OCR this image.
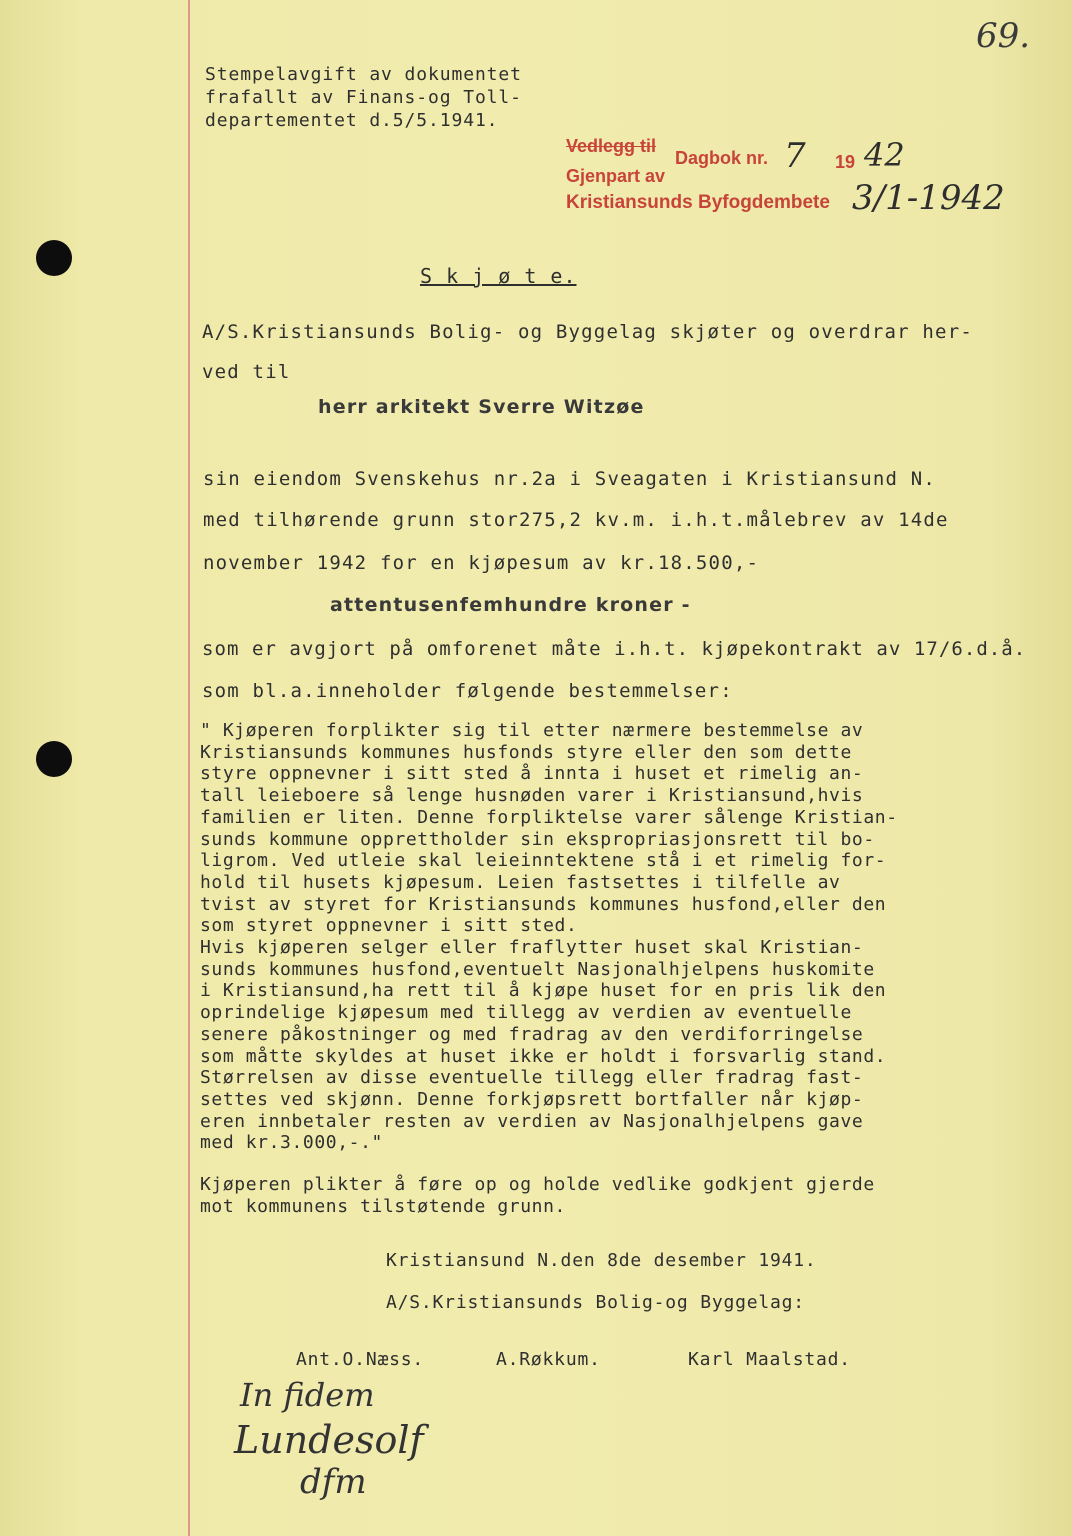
69.
Stempelavgift av dokumentet
frafallt av Finans-og Toll-
departementet d.5/5.1941.
Vedlegg til
Dagbok nr. 7 19 42
Gjenpart av
Kristiansunds Byfogdembete 3/1-1942
S k j ø t e.
A/S.Kristiansunds Bolig- og Byggelag skjøter og overdrar her-
ved til
herr arkitekt Sverre Witzøe
sin eiendom Svenskehus nr.2a i Sveagaten i Kristiansund N.
med tilhørende grunn stor275,2 kv.m. i.h.t.målebrev av 14de
november 1942 for en kjøpesum av kr.18.500,-
attentusenfemhundre kroner -
som er avgjort på omforenet måte i.h.t. kjøpekontrakt av 17/6.d.å.
som bl.a.inneholder følgende bestemmelser:
" Kjøperen forplikter sig til etter nærmere bestemmelse av
Kristiansunds kommunes husfonds styre eller den som dette
styre oppnevner i sitt sted å innta i huset et rimelig an-
tall leieboere så lenge husnøden varer i Kristiansund,hvis
familien er liten. Denne forpliktelse varer sålenge Kristian-
sunds kommune opprettholder sin ekspropriasjonsrett til bo-
ligrom. Ved utleie skal leieinntektene stå i et rimelig for-
hold til husets kjøpesum. Leien fastsettes i tilfelle av
tvist av styret for Kristiansunds kommunes husfond,eller den
som styret oppnevner i sitt sted.
Hvis kjøperen selger eller fraflytter huset skal Kristian-
sunds kommunes husfond,eventuelt Nasjonalhjelpens huskomite
i Kristiansund,ha rett til å kjøpe huset for en pris lik den
oprindelige kjøpesum med tillegg av verdien av eventuelle
senere påkostninger og med fradrag av den verdiforringelse
som måtte skyldes at huset ikke er holdt i forsvarlig stand.
Størrelsen av disse eventuelle tillegg eller fradrag fast-
settes ved skjønn. Denne forkjøpsrett bortfaller når kjøp-
eren innbetaler resten av verdien av Nasjonalhjelpens gave
med kr.3.000,-."
Kjøperen plikter å føre op og holde vedlike godkjent gjerde
mot kommunens tilstøtende grunn.
Kristiansund N.den 8de desember 1941.
A/S.Kristiansunds Bolig-og Byggelag:
Ant.O.Næss.	A.Røkkum.	Karl Maalstad.
In fidem
Lundesolf
dfm
